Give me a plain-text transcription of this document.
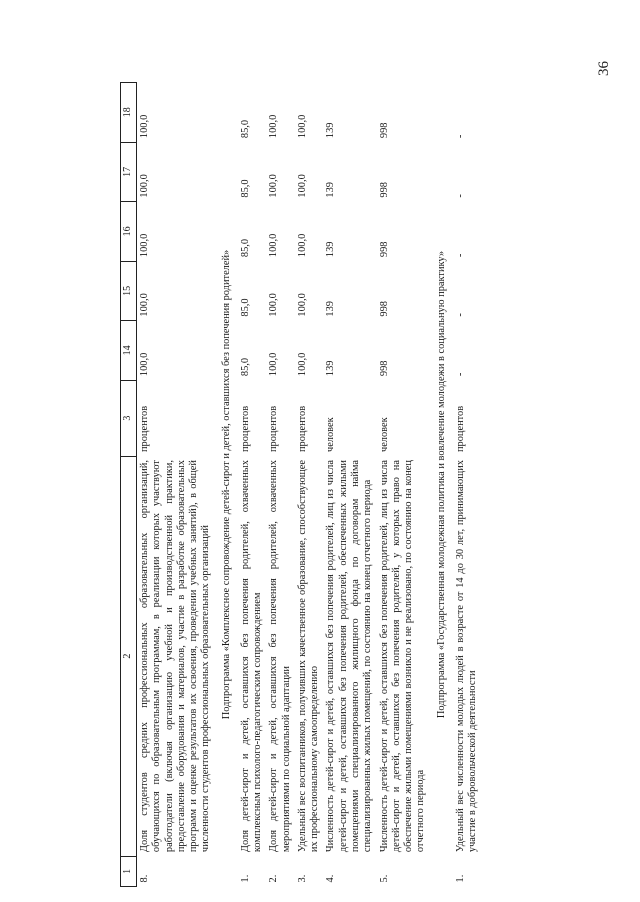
36
1	2	3	14	15	16	17	18
8.	Доля студентов средних профессиональных образовательных организаций, обучающихся по образовательным программам, в реализации которых участвуют работодатели (включая организацию учебной и производственной практики, предоставление оборудования и материалов, участие в разработке образовательных программ и оценке результатов их освоения, проведении учебных занятий), в общей численности студентов профессиональных образовательных организаций	процентов	100,0	100,0	100,0	100,0	100,0
Подпрограмма «Комплексное сопровождение детей-сирот и детей, оставшихся без попечения родителей»							
1.	Доля детей-сирот и детей, оставшихся без попечения родителей, охваченных комплексным психолого-педагогическим сопровождением	процентов	85,0	85,0	85,0	85,0	85,0
2.	Доля детей-сирот и детей, оставшихся без попечения родителей, охваченных мероприятиями по социальной адаптации	процентов	100,0	100,0	100,0	100,0	100,0
3.	Удельный вес воспитанников, получивших качественное образование, способствующее их профессиональному самоопределению	процентов	100,0	100,0	100,0	100,0	100,0
4.	Численность детей-сирот и детей, оставшихся без попечения родителей, лиц из числа детей-сирот и детей, оставшихся без попечения родителей, обеспеченных жилыми помещениями специализированного жилищного фонда по договорам найма специализированных жилых помещений, по состоянию на конец отчетного периода	человек	139	139	139	139	139
5.	Численность детей-сирот и детей, оставшихся без попечения родителей, лиц из числа детей-сирот и детей, оставшихся без попечения родителей, у которых право на обеспечение жилыми помещениями возникло и не реализовано, по состоянию на конец отчетного периода	человек	998	998	998	998	998
Подпрограмма «Государственная молодежная политика и вовлечение молодежи в социальную практику»							
1.	Удельный вес численности молодых людей в возрасте от 14 до 30 лет, принимающих участие в добровольческой деятельности	процентов	-	-	-	-	-
